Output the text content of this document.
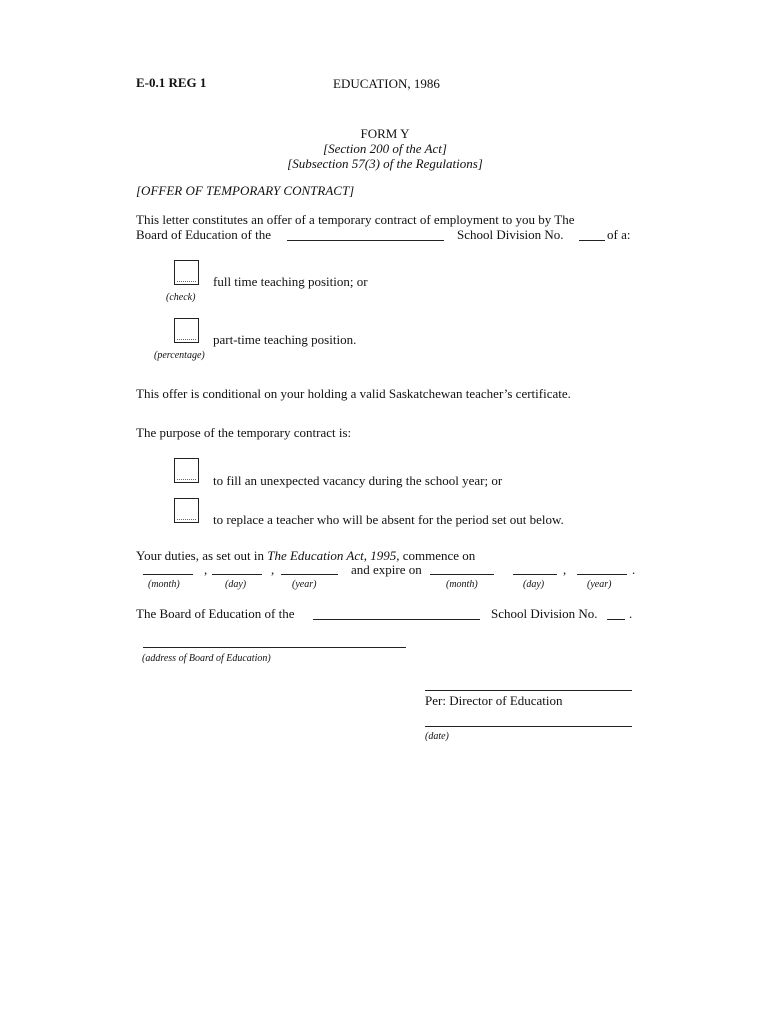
E-0.1 REG 1	EDUCATION, 1986
FORM Y
[Section 200 of the Act]
[Subsection 57(3) of the Regulations]
[OFFER OF TEMPORARY CONTRACT]
This letter constitutes an offer of a temporary contract of employment to you by The
Board of Education of the	School Division No.	of a:
full time teaching position; or
(check)
part-time teaching position.
(percentage)
This offer is conditional on your holding a valid Saskatchewan teacher’s certificate.
The purpose of the temporary contract is:
to fill an unexpected vacancy during the school year; or
to replace a teacher who will be absent for the period set out below.
Your duties, as set out in The Education Act, 1995, commence on
,	,	and expire on	,	.
(month)	(day)	(year)	(month)	(day)	(year)
The Board of Education of the	School Division No. .
(address of Board of Education)
Per: Director of Education
(date)
